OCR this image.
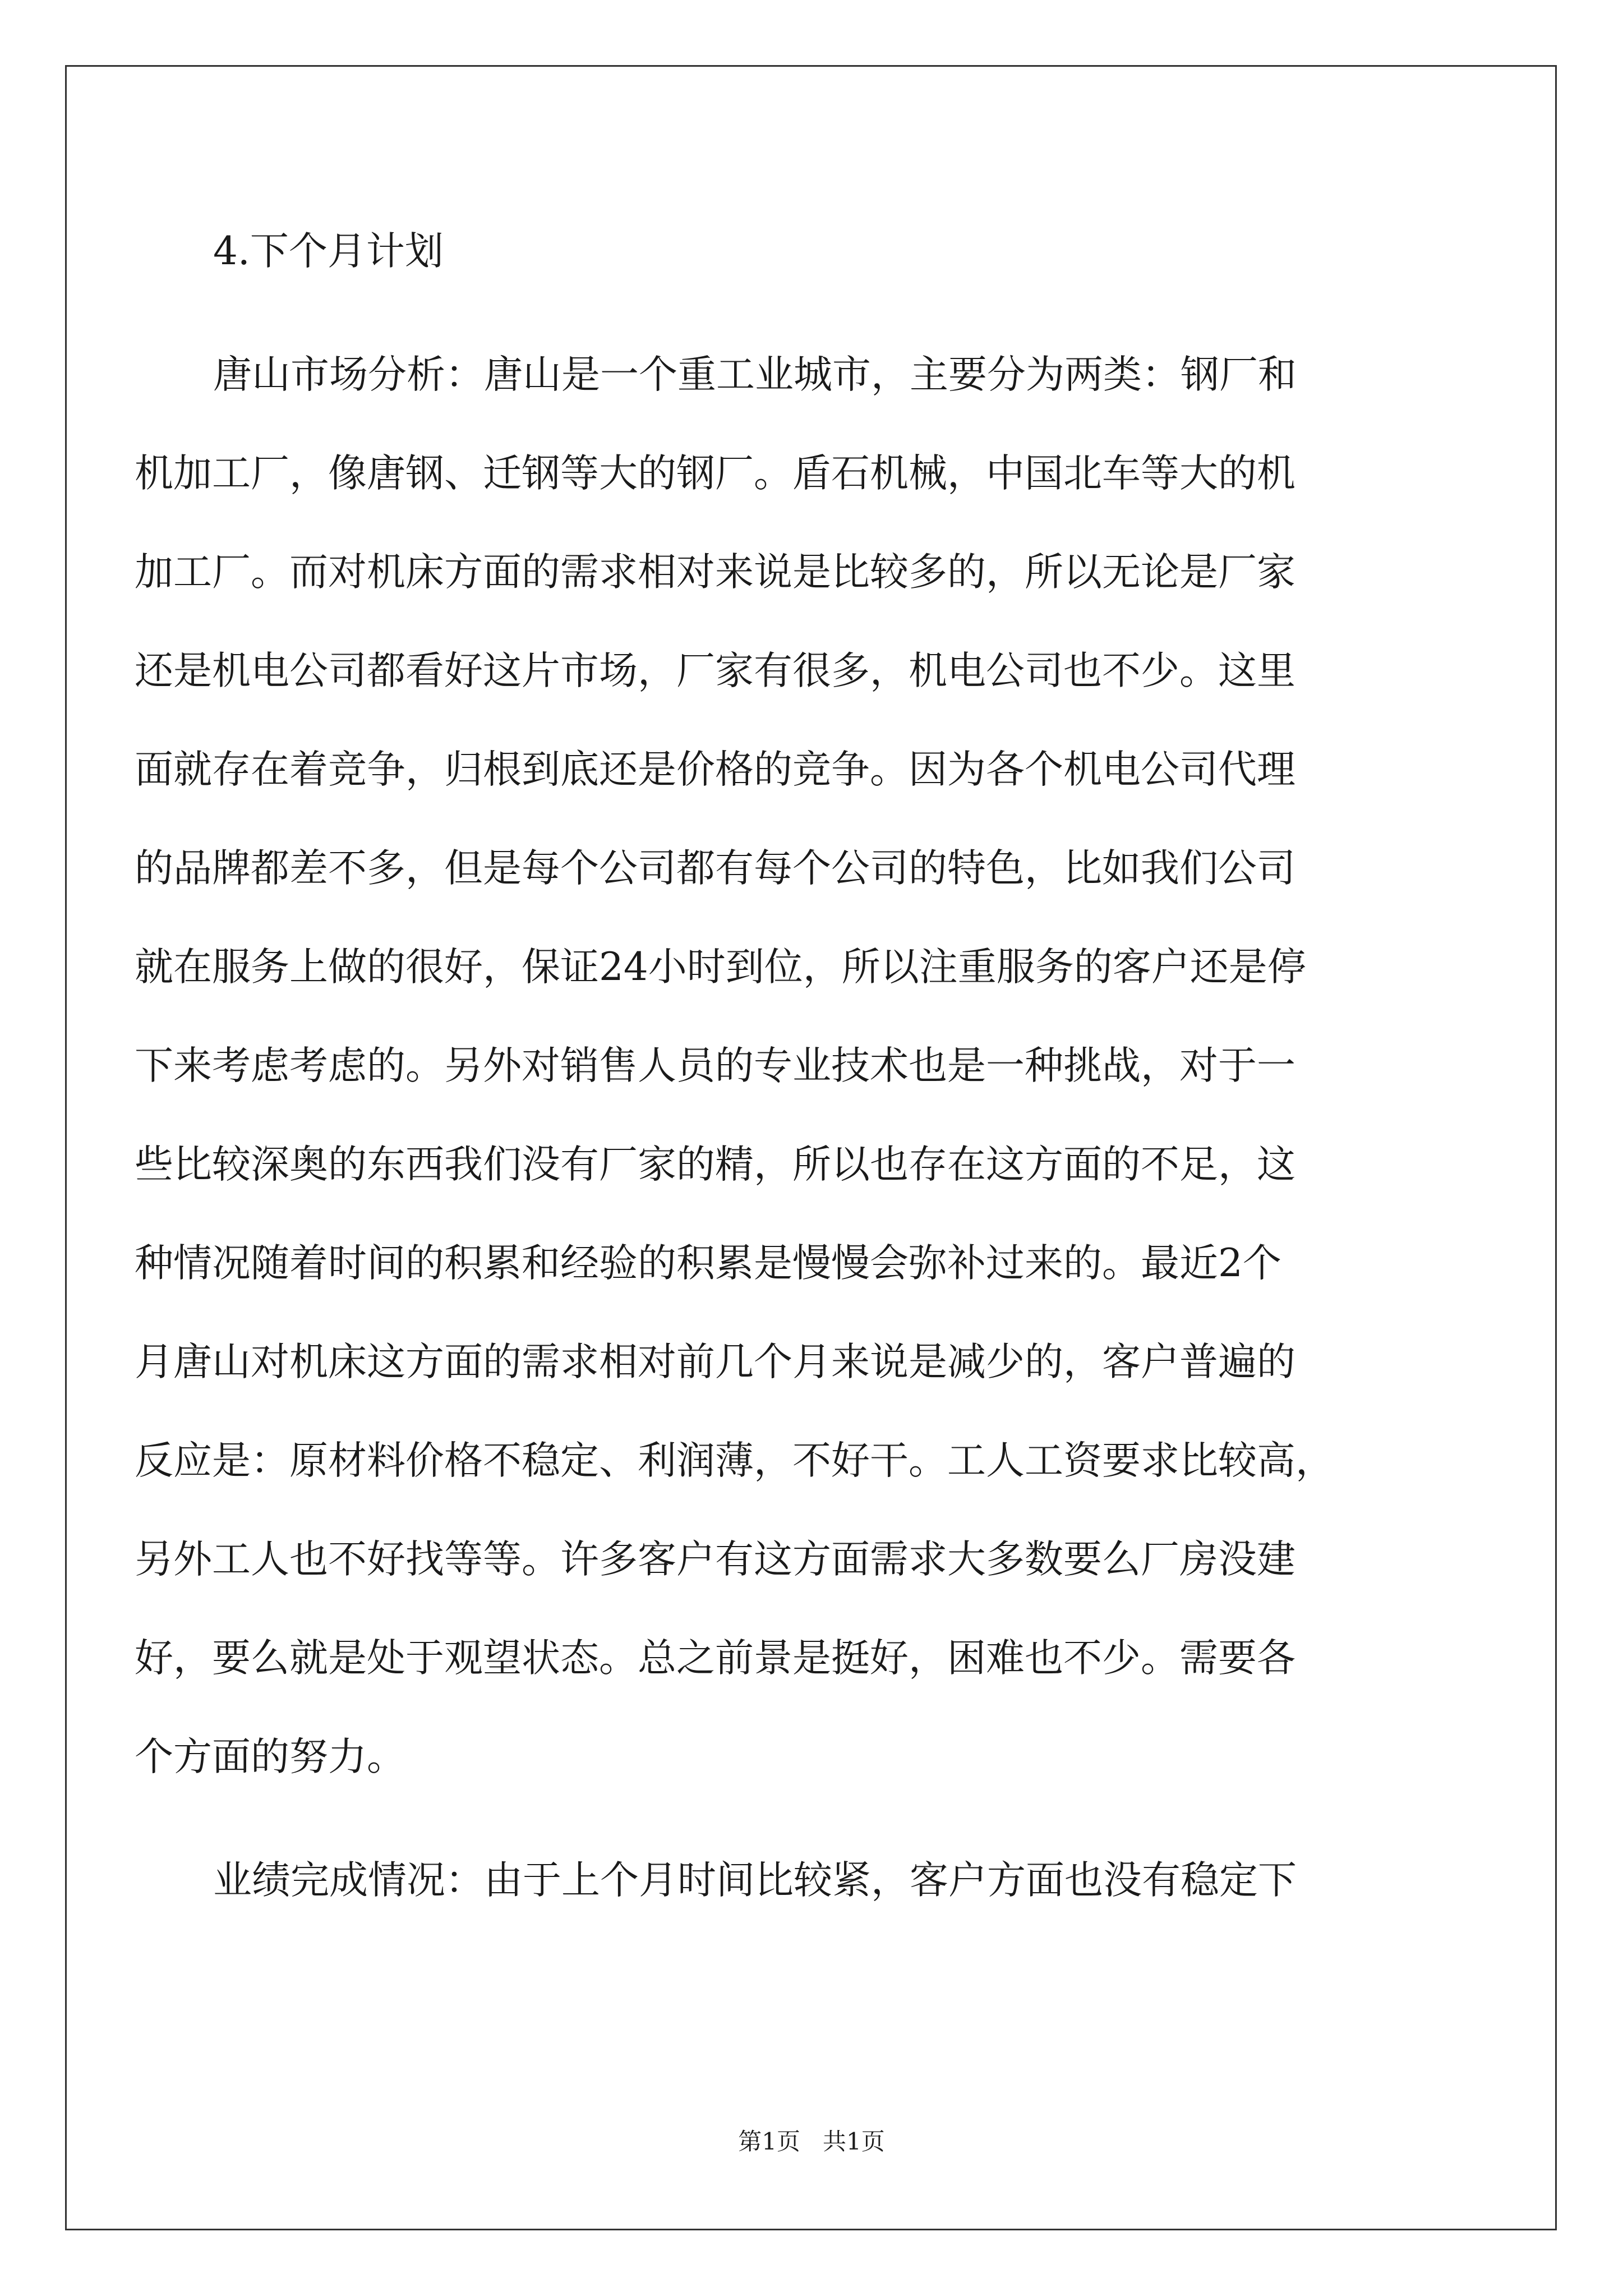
4.下个月计划
唐山市场分析：唐山是一个重工业城市，主要分为两类：钢厂和
机加工厂，像唐钢、迁钢等大的钢厂。盾石机械，中国北车等大的机
加工厂。而对机床方面的需求相对来说是比较多的，所以无论是厂家
还是机电公司都看好这片市场，厂家有很多，机电公司也不少。这里
面就存在着竞争，归根到底还是价格的竞争。因为各个机电公司代理
的品牌都差不多，但是每个公司都有每个公司的特色，比如我们公司
就在服务上做的很好，保证24小时到位，所以注重服务的客户还是停
下来考虑考虑的。另外对销售人员的专业技术也是一种挑战，对于一
些比较深奥的东西我们没有厂家的精，所以也存在这方面的不足，这
种情况随着时间的积累和经验的积累是慢慢会弥补过来的。最近2个
月唐山对机床这方面的需求相对前几个月来说是减少的，客户普遍的
反应是：原材料价格不稳定、利润薄，不好干。工人工资要求比较高，
另外工人也不好找等等。许多客户有这方面需求大多数要么厂房没建
好，要么就是处于观望状态。总之前景是挺好，困难也不少。需要各
个方面的努力。
业绩完成情况：由于上个月时间比较紧，客户方面也没有稳定下
第1页   共1页
